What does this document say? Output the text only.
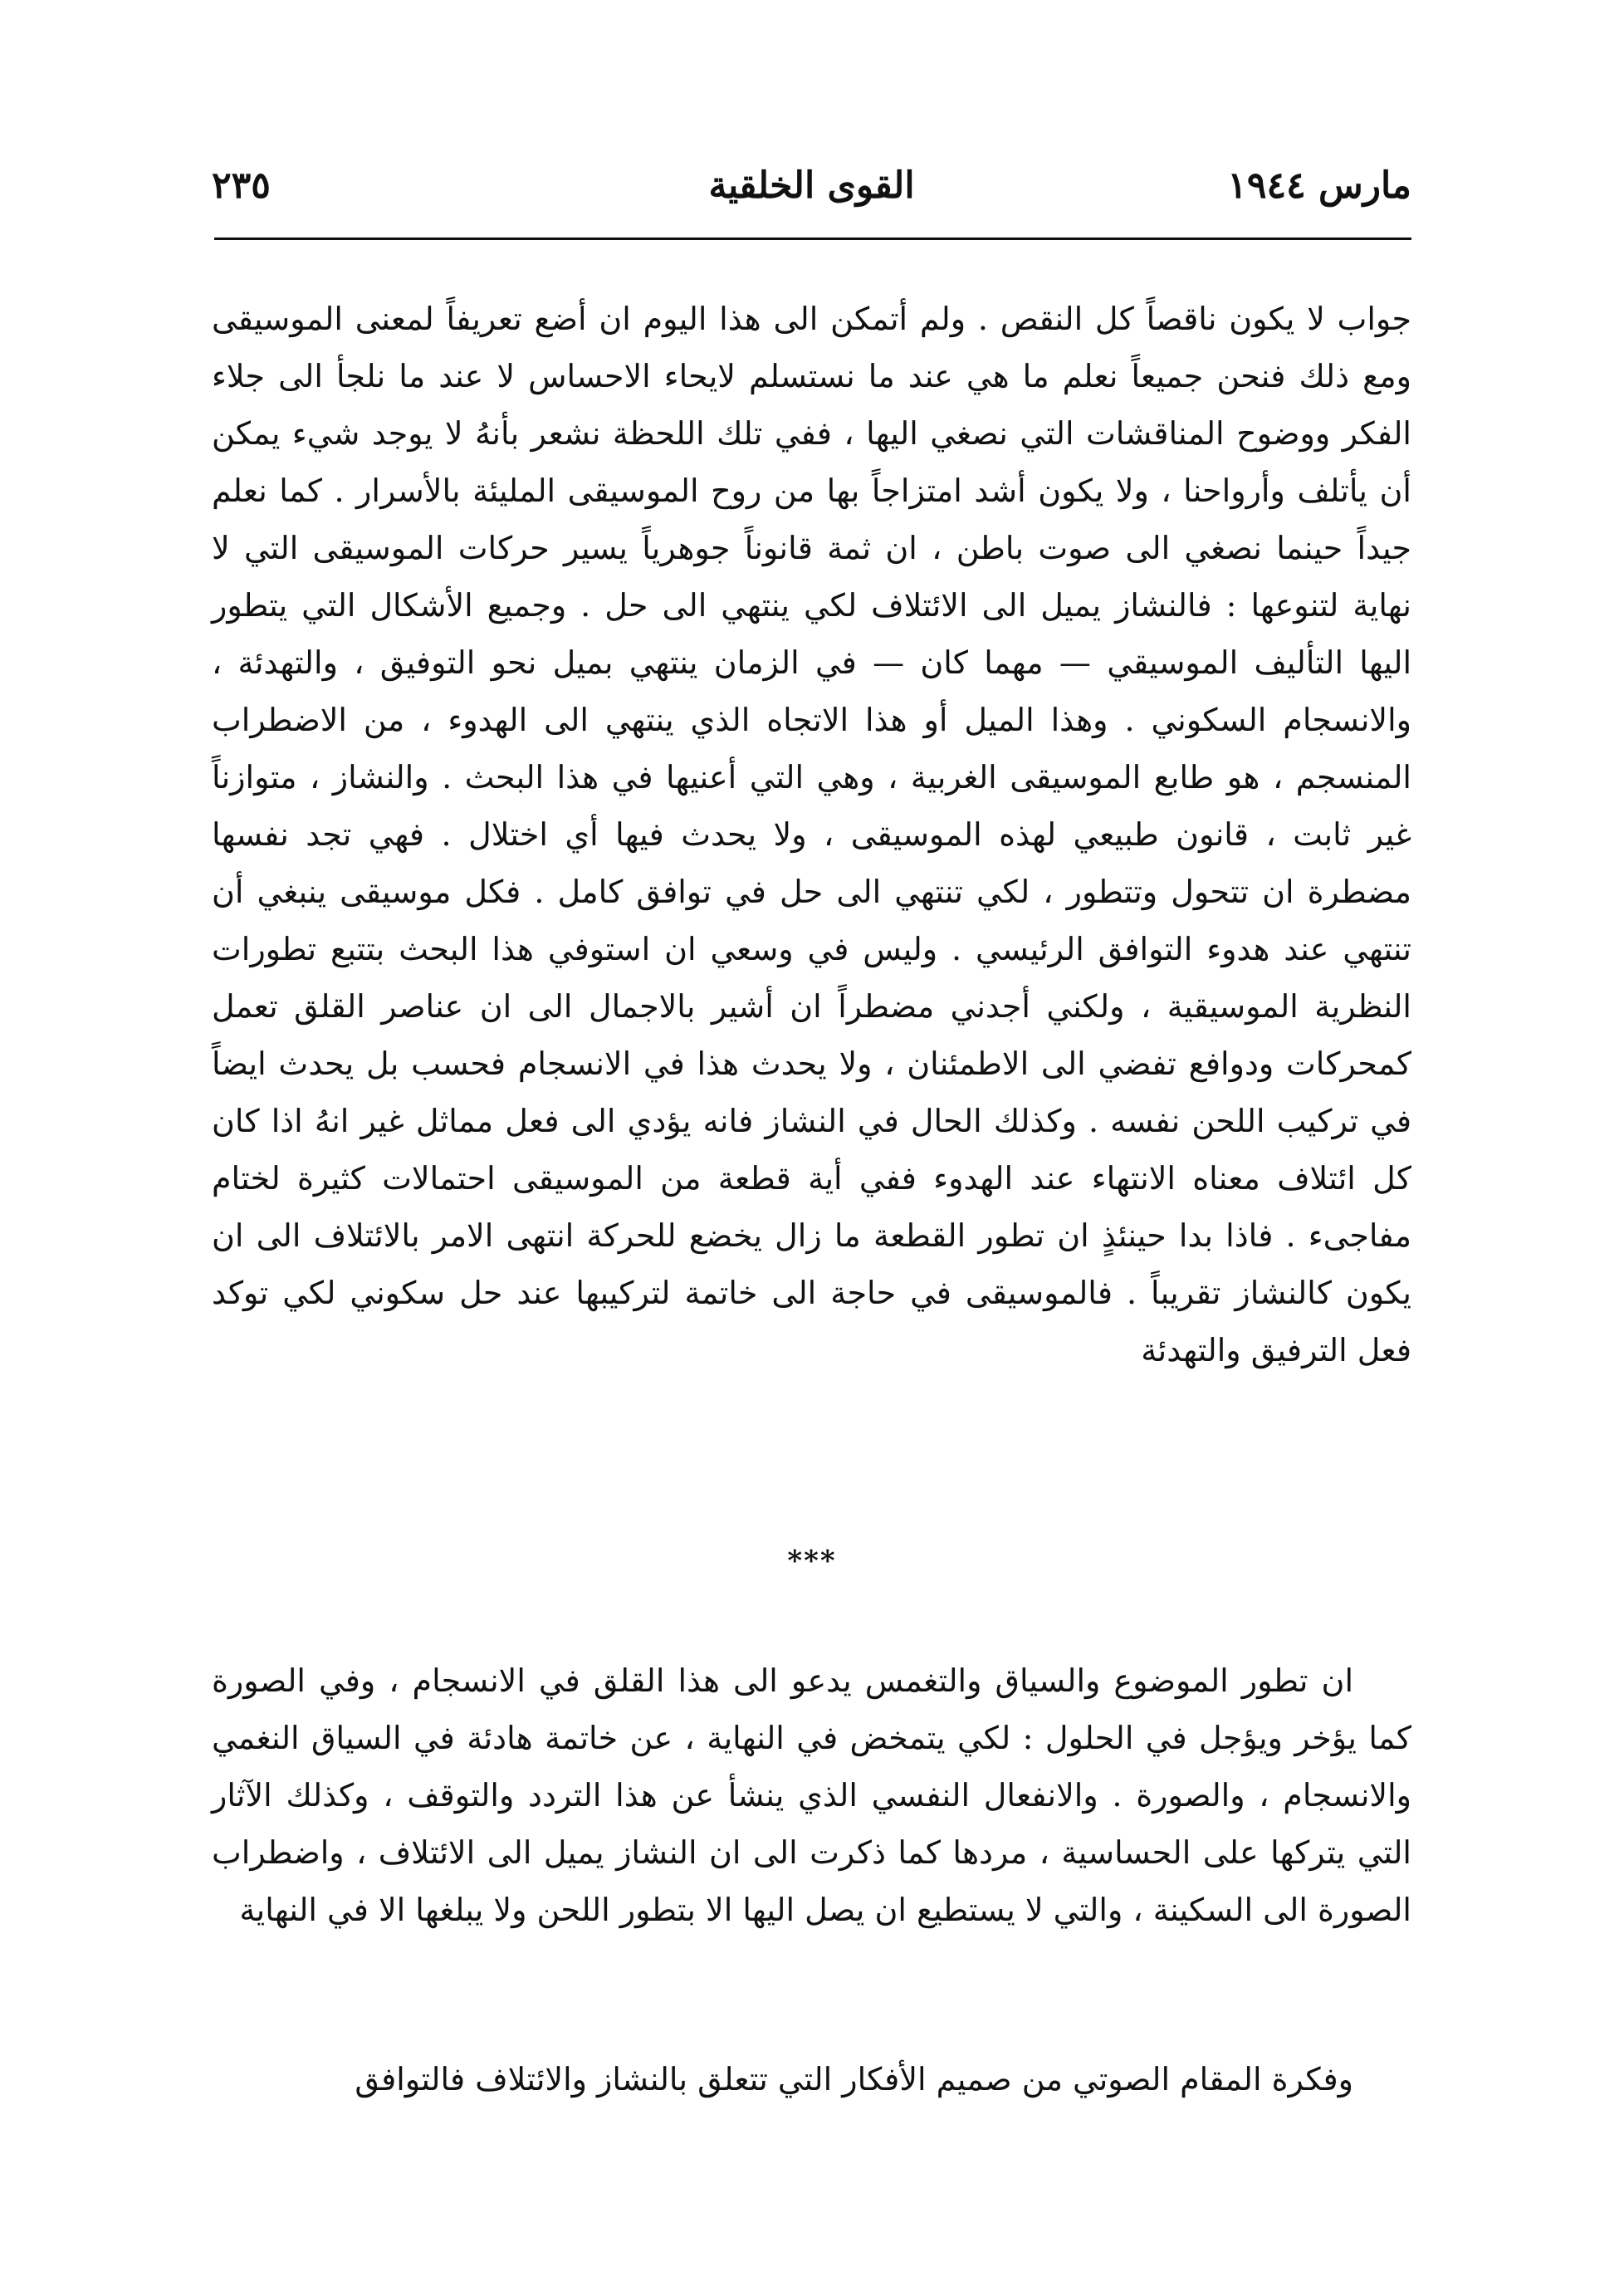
مارس ١٩٤٤
القوى الخلقية
٢٣٥

جواب لا يكون ناقصاً كل النقص . ولم أتمكن الى هذا اليوم ان أضع تعريفاً لمعنى الموسيقى ومع ذلك فنحن جميعاً نعلم ما هي عند ما نستسلم لايحاء الاحساس لا عند ما نلجأ الى جلاء الفكر ووضوح المناقشات التي نصغي اليها ، ففي تلك اللحظة نشعر بأنهُ لا يوجد شيء يمكن أن يأتلف وأرواحنا ، ولا يكون أشد امتزاجاً بها من روح الموسيقى المليئة بالأسرار . كما نعلم جيداً حينما نصغي الى صوت باطن ، ان ثمة قانوناً جوهرياً يسير حركات الموسيقى التي لا نهاية لتنوعها : فالنشاز يميل الى الائتلاف لكي ينتهي الى حل . وجميع الأشكال التي يتطور اليها التأليف الموسيقي — مهما كان — في الزمان ينتهي بميل نحو التوفيق ، والتهدئة ، والانسجام السكوني . وهذا الميل أو هذا الاتجاه الذي ينتهي الى الهدوء ، من الاضطراب المنسجم ، هو طابع الموسيقى الغربية ، وهي التي أعنيها في هذا البحث . والنشاز ، متوازناً غير ثابت ، قانون طبيعي لهذه الموسيقى ، ولا يحدث فيها أي اختلال . فهي تجد نفسها مضطرة ان تتحول وتتطور ، لكي تنتهي الى حل في توافق كامل . فكل موسيقى ينبغي أن تنتهي عند هدوء التوافق الرئيسي . وليس في وسعي ان استوفي هذا البحث بتتبع تطورات النظرية الموسيقية ، ولكني أجدني مضطراً ان أشير بالاجمال الى ان عناصر القلق تعمل كمحركات ودوافع تفضي الى الاطمئنان ، ولا يحدث هذا في الانسجام فحسب بل يحدث ايضاً في تركيب اللحن نفسه . وكذلك الحال في النشاز فانه يؤدي الى فعل مماثل غير انهُ اذا كان كل ائتلاف معناه الانتهاء عند الهدوء ففي أية قطعة من الموسيقى احتمالات كثيرة لختام مفاجىء . فاذا بدا حينئذٍ ان تطور القطعة ما زال يخضع للحركة انتهى الامر بالائتلاف الى ان يكون كالنشاز تقريباً . فالموسيقى في حاجة الى خاتمة لتركيبها عند حل سكوني لكي توكد فعل الترفيق والتهدئة

***

ان تطور الموضوع والسياق والتغمس يدعو الى هذا القلق في الانسجام ، وفي الصورة كما يؤخر ويؤجل في الحلول : لكي يتمخض في النهاية ، عن خاتمة هادئة في السياق النغمي والانسجام ، والصورة . والانفعال النفسي الذي ينشأ عن هذا التردد والتوقف ، وكذلك الآثار التي يتركها على الحساسية ، مردها كما ذكرت الى ان النشاز يميل الى الائتلاف ، واضطراب الصورة الى السكينة ، والتي لا يستطيع ان يصل اليها الا بتطور اللحن ولا يبلغها الا في النهاية

وفكرة المقام الصوتي من صميم الأفكار التي تتعلق بالنشاز والائتلاف فالتوافق
